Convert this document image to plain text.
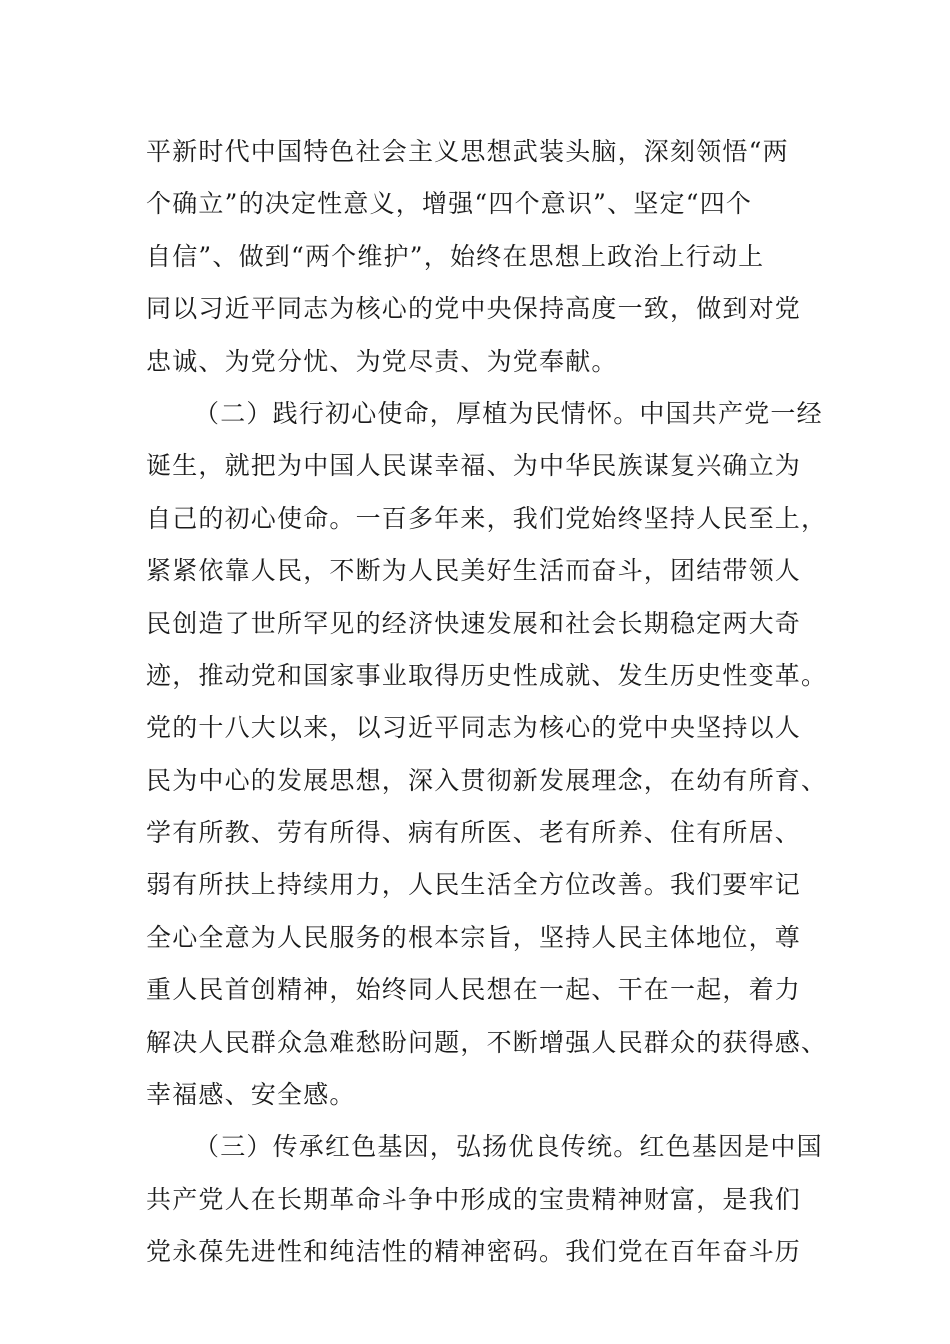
平新时代中国特色社会主义思想武装头脑，深刻领悟“两
个确立”的决定性意义，增强“四个意识”、坚定“四个
自信”、做到“两个维护”，始终在思想上政治上行动上
同以习近平同志为核心的党中央保持高度一致，做到对党
忠诚、为党分忧、为党尽责、为党奉献。
（二）践行初心使命，厚植为民情怀。中国共产党一经
诞生，就把为中国人民谋幸福、为中华民族谋复兴确立为
自己的初心使命。一百多年来，我们党始终坚持人民至上，
紧紧依靠人民，不断为人民美好生活而奋斗，团结带领人
民创造了世所罕见的经济快速发展和社会长期稳定两大奇
迹，推动党和国家事业取得历史性成就、发生历史性变革。
党的十八大以来，以习近平同志为核心的党中央坚持以人
民为中心的发展思想，深入贯彻新发展理念，在幼有所育、
学有所教、劳有所得、病有所医、老有所养、住有所居、
弱有所扶上持续用力，人民生活全方位改善。我们要牢记
全心全意为人民服务的根本宗旨，坚持人民主体地位，尊
重人民首创精神，始终同人民想在一起、干在一起，着力
解决人民群众急难愁盼问题，不断增强人民群众的获得感、
幸福感、安全感。
（三）传承红色基因，弘扬优良传统。红色基因是中国
共产党人在长期革命斗争中形成的宝贵精神财富，是我们
党永葆先进性和纯洁性的精神密码。我们党在百年奋斗历
